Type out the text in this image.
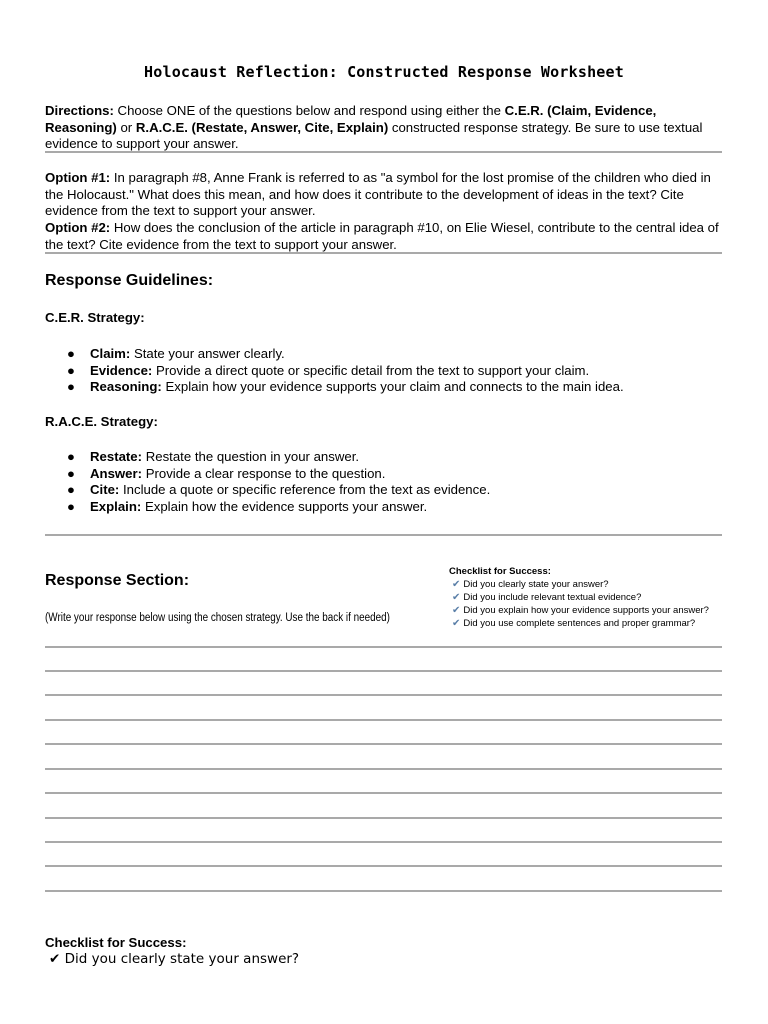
Holocaust Reflection: Constructed Response Worksheet
Directions: Choose ONE of the questions below and respond using either the C.E.R. (Claim, Evidence, Reasoning) or R.A.C.E. (Restate, Answer, Cite, Explain) constructed response strategy. Be sure to use textual evidence to support your answer.
Option #1: In paragraph #8, Anne Frank is referred to as "a symbol for the lost promise of the children who died in the Holocaust." What does this mean, and how does it contribute to the development of ideas in the text? Cite evidence from the text to support your answer.
Option #2: How does the conclusion of the article in paragraph #10, on Elie Wiesel, contribute to the central idea of the text? Cite evidence from the text to support your answer.
Response Guidelines:
C.E.R. Strategy:
● Claim: State your answer clearly.
● Evidence: Provide a direct quote or specific detail from the text to support your claim.
● Reasoning: Explain how your evidence supports your claim and connects to the main idea.
R.A.C.E. Strategy:
● Restate: Restate the question in your answer.
● Answer: Provide a clear response to the question.
● Cite: Include a quote or specific reference from the text as evidence.
● Explain: Explain how the evidence supports your answer.
Response Section:
(Write your response below using the chosen strategy. Use the back if needed)
Checklist for Success:
✔ Did you clearly state your answer?
✔ Did you include relevant textual evidence?
✔ Did you explain how your evidence supports your answer?
✔ Did you use complete sentences and proper grammar?
Checklist for Success:
✔ Did you clearly state your answer?
